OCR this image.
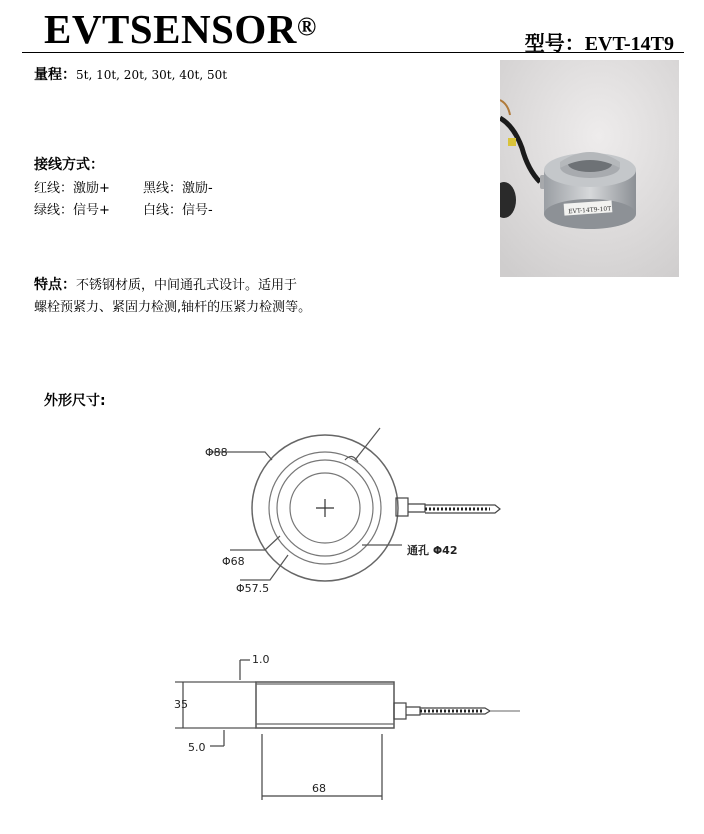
EVTSENSOR®
型号：EVT-14T9
量程：5t, 10t, 20t, 30t, 40t, 50t
接线方式：
红线：激励+	黑线：激励-
绿线：信号+	白线：信号-
特点：不锈钢材质，中间通孔式设计。适用于
螺栓预紧力、紧固力检测,轴杆的压紧力检测等。
EVT-14T9-10T
外形尺寸:
Φ88
Φ68
Φ57.5
通孔 Φ42
1.0
35
5.0
68
